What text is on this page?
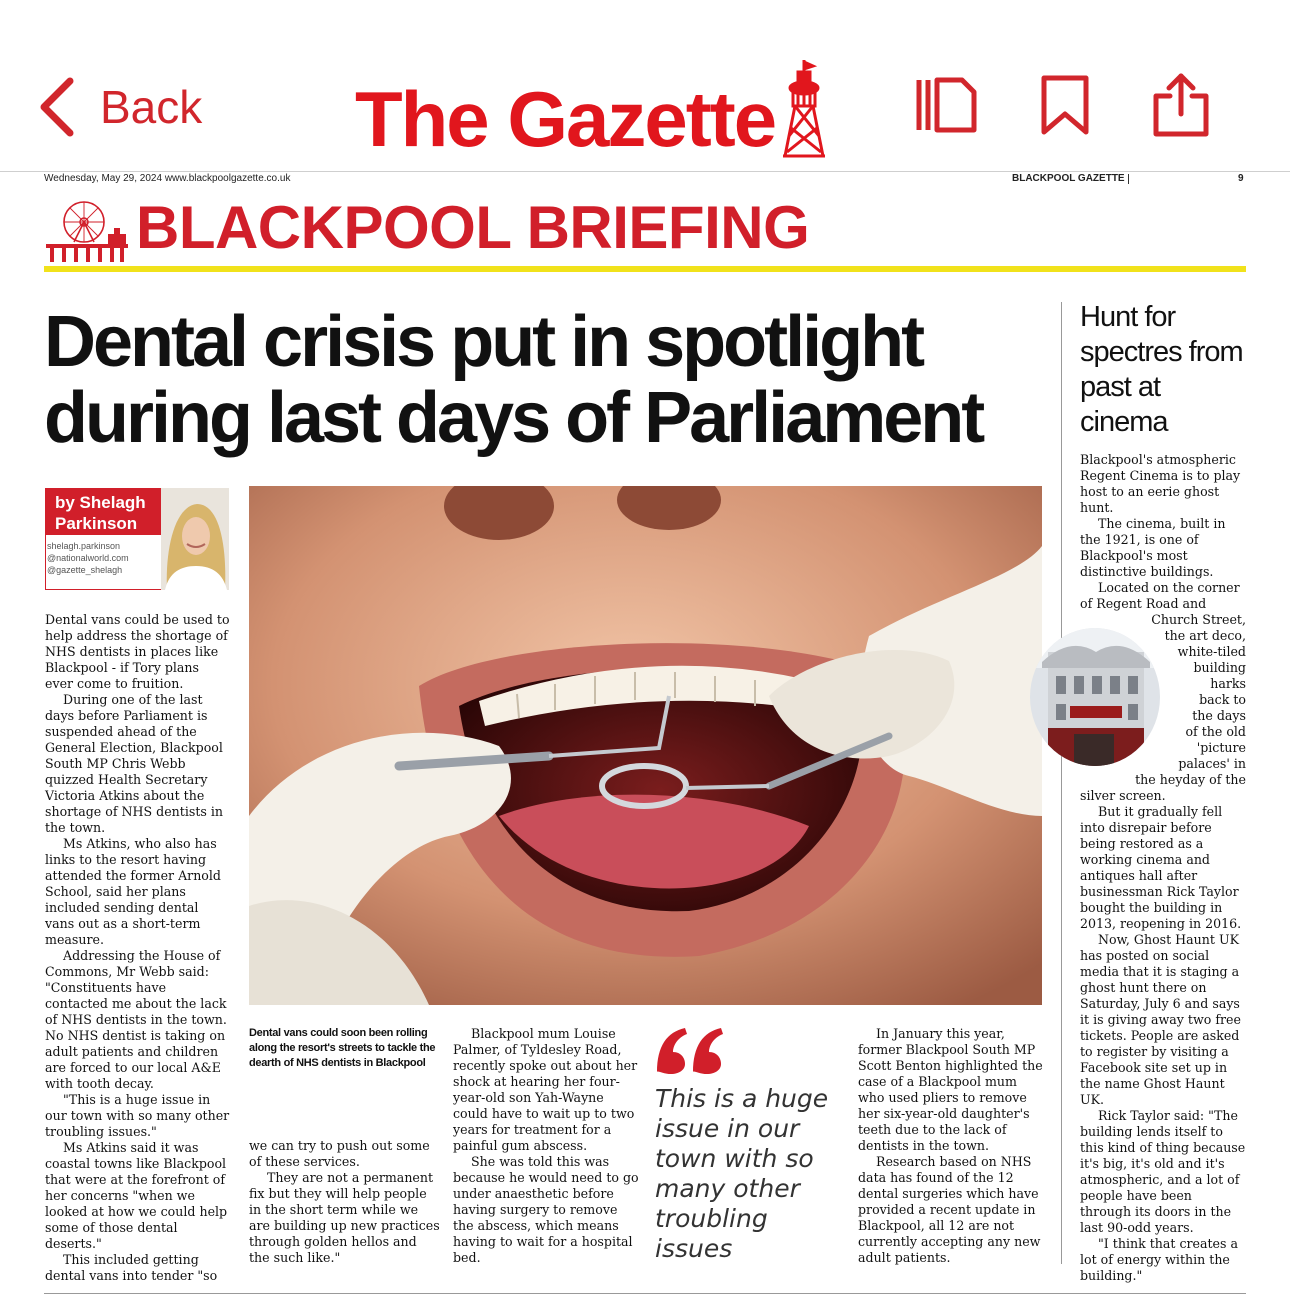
Back The Gazette
Wednesday, May 29, 2024 www.blackpoolgazette.co.uk	BLACKPOOL GAZETTE	9
BLACKPOOL BRIEFING
Dental crisis put in spotlight
during last days of Parliament
by Shelagh
Parkinson
shelagh.parkinson
@nationalworld.com
@gazette_shelagh

Dental vans could be used to help address the shortage of NHS dentists in places like Blackpool - if Tory plans ever come to fruition.

During one of the last days before Parliament is suspended ahead of the General Election, Blackpool South MP Chris Webb quizzed Health Secretary Victoria Atkins about the shortage of NHS dentists in the town.

Ms Atkins, who also has links to the resort having attended the former Arnold School, said her plans included sending dental vans out as a short-term measure.

Addressing the House of Commons, Mr Webb said: "Constituents have contacted me about the lack of NHS dentists in the town. No NHS dentist is taking on adult patients and children are forced to our local A&E with tooth decay.

"This is a huge issue in our town with so many other troubling issues."

Ms Atkins said it was coastal towns like Blackpool that were at the forefront of her concerns "when we looked at how we could help some of those dental deserts."

This included getting dental vans into tender "so

Dental vans could soon been rolling along the resort's streets to tackle the dearth of NHS dentists in Blackpool

we can try to push out some of these services.

They are not a permanent fix but they will help people in the short term while we are building up new practices through golden hellos and the such like."

Blackpool mum Louise Palmer, of Tyldesley Road, recently spoke out about her shock at hearing her four-year-old son Yah-Wayne could have to wait up to two years for treatment for a painful gum abscess.

She was told this was because he would need to go under anaesthetic before having surgery to remove the abscess, which means having to wait for a hospital bed.

This is a huge issue in our town with so many other troubling issues

In January this year, former Blackpool South MP Scott Benton highlighted the case of a Blackpool mum who used pliers to remove her six-year-old daughter's teeth due to the lack of dentists in the town.

Research based on NHS data has found of the 12 dental surgeries which have provided a recent update in Blackpool, all 12 are not currently accepting any new adult patients.

Hunt for spectres from past at cinema

Blackpool's atmospheric Regent Cinema is to play host to an eerie ghost hunt.

The cinema, built in the 1921, is one of Blackpool's most distinctive buildings.

Located on the corner of Regent Road and

Church Street,
the art deco,
white-tiled
building
harks
back to
the days
of the old
'picture
palaces' in
the heyday of the

silver screen.

But it gradually fell into disrepair before being restored as a working cinema and antiques hall after businessman Rick Taylor bought the building in 2013, reopening in 2016.

Now, Ghost Haunt UK has posted on social media that it is staging a ghost hunt there on Saturday, July 6 and says it is giving away two free tickets. People are asked to register by visiting a Facebook site set up in the name Ghost Haunt UK.

Rick Taylor said: "The building lends itself to this kind of thing because it's big, it's old and it's atmospheric, and a lot of people have been through its doors in the last 90-odd years.

"I think that creates a lot of energy within the building."
